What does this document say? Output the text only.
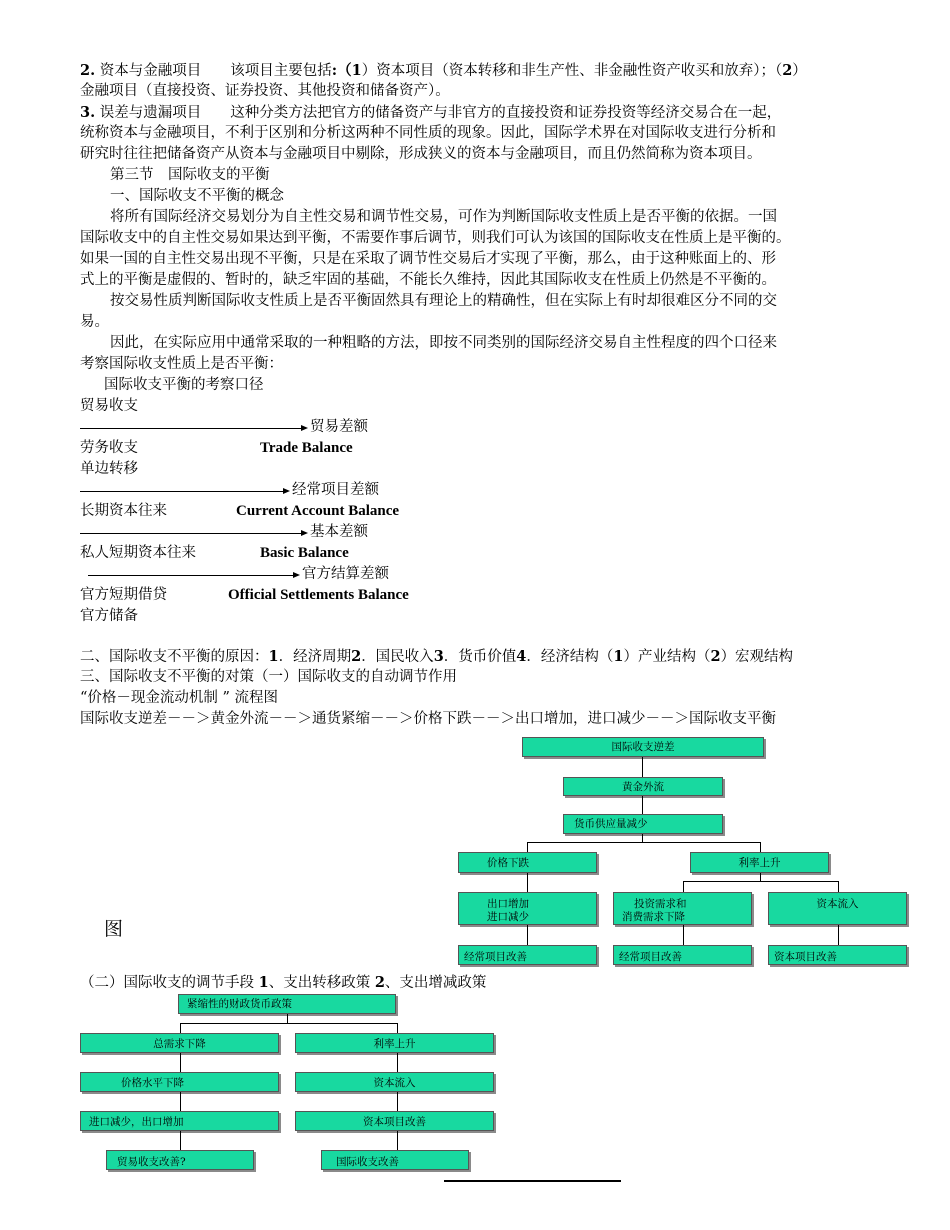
2. 资本与金融项目　　该项目主要包括:（1）资本项目（资本转移和非生产性、非金融性资产收买和放弃）；（2）
金融项目（直接投资、证券投资、其他投资和储备资产）。
3. 误差与遗漏项目　　这种分类方法把官方的储备资产与非官方的直接投资和证券投资等经济交易合在一起，
统称资本与金融项目，不利于区别和分析这两种不同性质的现象。因此，国际学术界在对国际收支进行分析和
研究时往往把储备资产从资本与金融项目中剔除，形成狭义的资本与金融项目，而且仍然简称为资本项目。
第三节　国际收支的平衡
一、国际收支不平衡的概念
将所有国际经济交易划分为自主性交易和调节性交易，可作为判断国际收支性质上是否平衡的依据。一国
国际收支中的自主性交易如果达到平衡，不需要作事后调节，则我们可认为该国的国际收支在性质上是平衡的。
如果一国的自主性交易出现不平衡，只是在采取了调节性交易后才实现了平衡，那么，由于这种账面上的、形
式上的平衡是虚假的、暂时的，缺乏牢固的基础，不能长久维持，因此其国际收支在性质上仍然是不平衡的。
按交易性质判断国际收支性质上是否平衡固然具有理论上的精确性，但在实际上有时却很难区分不同的交
易。
因此，在实际应用中通常采取的一种粗略的方法，即按不同类别的国际经济交易自主性程度的四个口径来
考察国际收支性质上是否平衡：
国际收支平衡的考察口径
贸易收支
贸易差额
劳务收支	Trade Balance
单边转移
经常项目差额
长期资本往来	Current Account Balance
基本差额
私人短期资本往来	Basic Balance
官方结算差额
官方短期借贷	Official Settlements Balance
官方储备
二、国际收支不平衡的原因：1．经济周期2．国民收入3．货币价值4．经济结构（1）产业结构（2）宏观结构
三、国际收支不平衡的对策（一）国际收支的自动调节作用
“价格－现金流动机制 ” 流程图
国际收支逆差－－＞黄金外流－－＞通货紧缩－－＞价格下跌－－＞出口增加，进口减少－－＞国际收支平衡
国际收支逆差
黄金外流
货币供应量减少
价格下跌	利率上升
出口增加
进口减少
投资需求和
消费需求下降
资本流入
经常项目改善	经常项目改善	资本项目改善
图
（二）国际收支的调节手段 1、支出转移政策 2、支出增减政策
紧缩性的财政货币政策
总需求下降	利率上升
价格水平下降	资本流入
进口减少，出口增加	资本项目改善
贸易收支改善?	国际收支改善
